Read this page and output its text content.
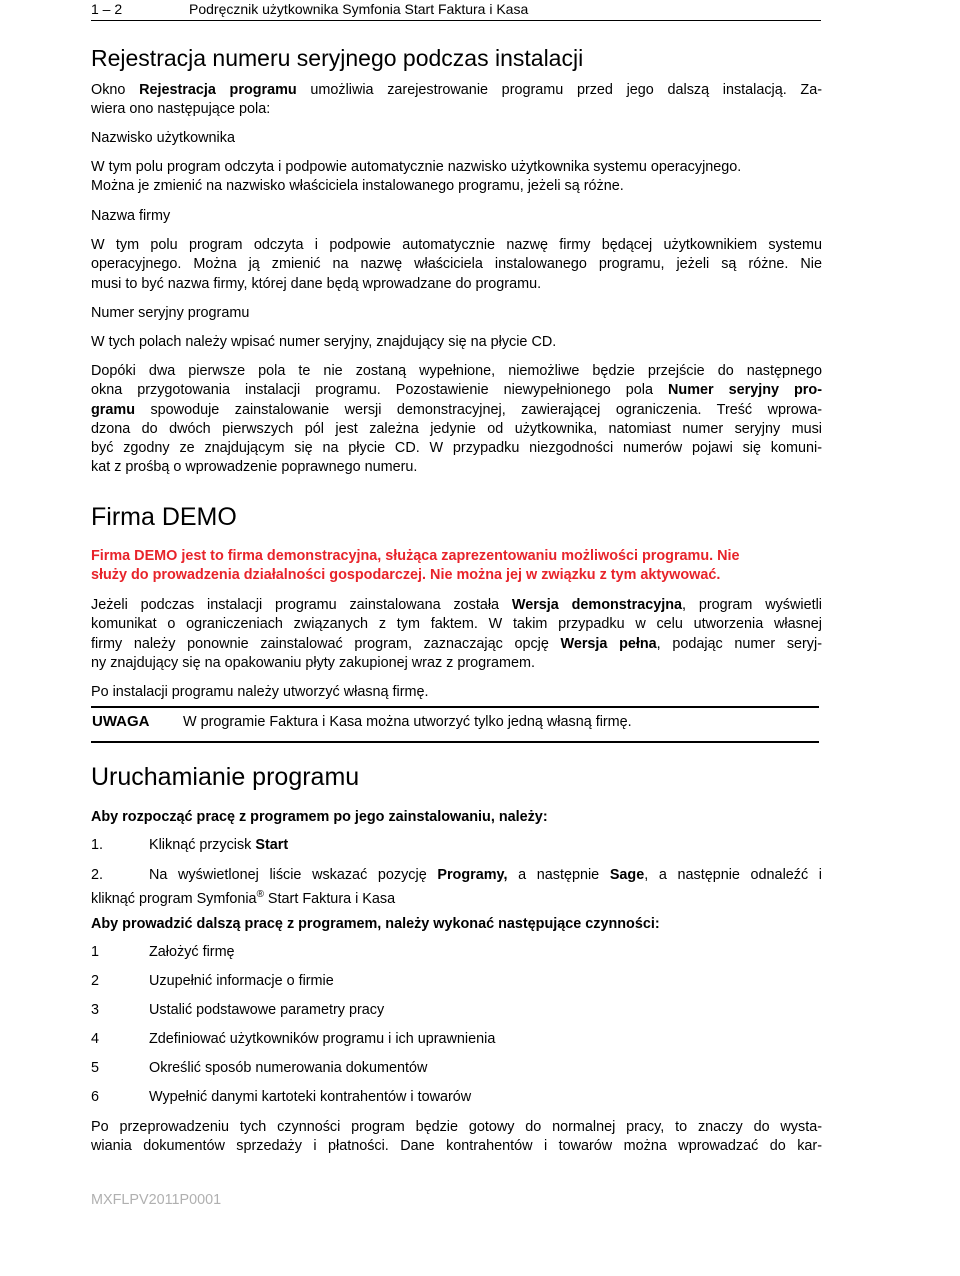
1 – 2	Podręcznik użytkownika Symfonia Start Faktura i Kasa
Rejestracja numeru seryjnego podczas instalacji

Okno Rejestracja programu umożliwia zarejestrowanie programu przed jego dalszą instalacją. Za-

wiera ono następujące pola:

Nazwisko użytkownika

W tym polu program odczyta i podpowie automatycznie nazwisko użytkownika systemu operacyjnego.

Można je zmienić na nazwisko właściciela instalowanego programu, jeżeli są różne.

Nazwa firmy

W tym polu program odczyta i podpowie automatycznie nazwę firmy będącej użytkownikiem systemu

operacyjnego. Można ją zmienić na nazwę właściciela instalowanego programu, jeżeli są różne. Nie

musi to być nazwa firmy, której dane będą wprowadzane do programu.

Numer seryjny programu

W tych polach należy wpisać numer seryjny, znajdujący się na płycie CD.

Dopóki dwa pierwsze pola te nie zostaną wypełnione, niemożliwe będzie przejście do następnego

okna przygotowania instalacji programu. Pozostawienie niewypełnionego pola Numer seryjny pro-

gramu spowoduje zainstalowanie wersji demonstracyjnej, zawierającej ograniczenia. Treść wprowa-

dzona do dwóch pierwszych pól jest zależna jedynie od użytkownika, natomiast numer seryjny musi

być zgodny ze znajdującym się na płycie CD. W przypadku niezgodności numerów pojawi się komuni-

kat z prośbą o wprowadzenie poprawnego numeru.

Firma DEMO

Firma DEMO jest to firma demonstracyjna, służąca zaprezentowaniu możliwości programu. Nie

służy do prowadzenia działalności gospodarczej. Nie można jej w związku z tym aktywować.

Jeżeli podczas instalacji programu zainstalowana została Wersja demonstracyjna, program wyświetli

komunikat o ograniczeniach związanych z tym faktem. W takim przypadku w celu utworzenia własnej

firmy należy ponownie zainstalować program, zaznaczając opcję Wersja pełna, podając numer seryj-

ny znajdujący się na opakowaniu płyty zakupionej wraz z programem.

Po instalacji programu należy utworzyć własną firmę.

UWAGA W programie Faktura i Kasa można utworzyć tylko jedną własną firmę.
Uruchamianie programu
Aby rozpocząć pracę z programem po jego zainstalowaniu, należy:
1.	Kliknąć przycisk Start

2.	Na wyświetlonej liście wskazać pozycję Programy, a następnie Sage, a następnie odnaleźć i

kliknąć program Symfonia® Start Faktura i Kasa

Aby prowadzić dalszą pracę z programem, należy wykonać następujące czynności:
1	Założyć firmę
2	Uzupełnić informacje o firmie
3	Ustalić podstawowe parametry pracy
4	Zdefiniować użytkowników programu i ich uprawnienia
5	Określić sposób numerowania dokumentów
6	Wypełnić danymi kartoteki kontrahentów i towarów

Po przeprowadzeniu tych czynności program będzie gotowy do normalnej pracy, to znaczy do wysta-

wiania dokumentów sprzedaży i płatności. Dane kontrahentów i towarów można wprowadzać do kar-

MXFLPV2011P0001
